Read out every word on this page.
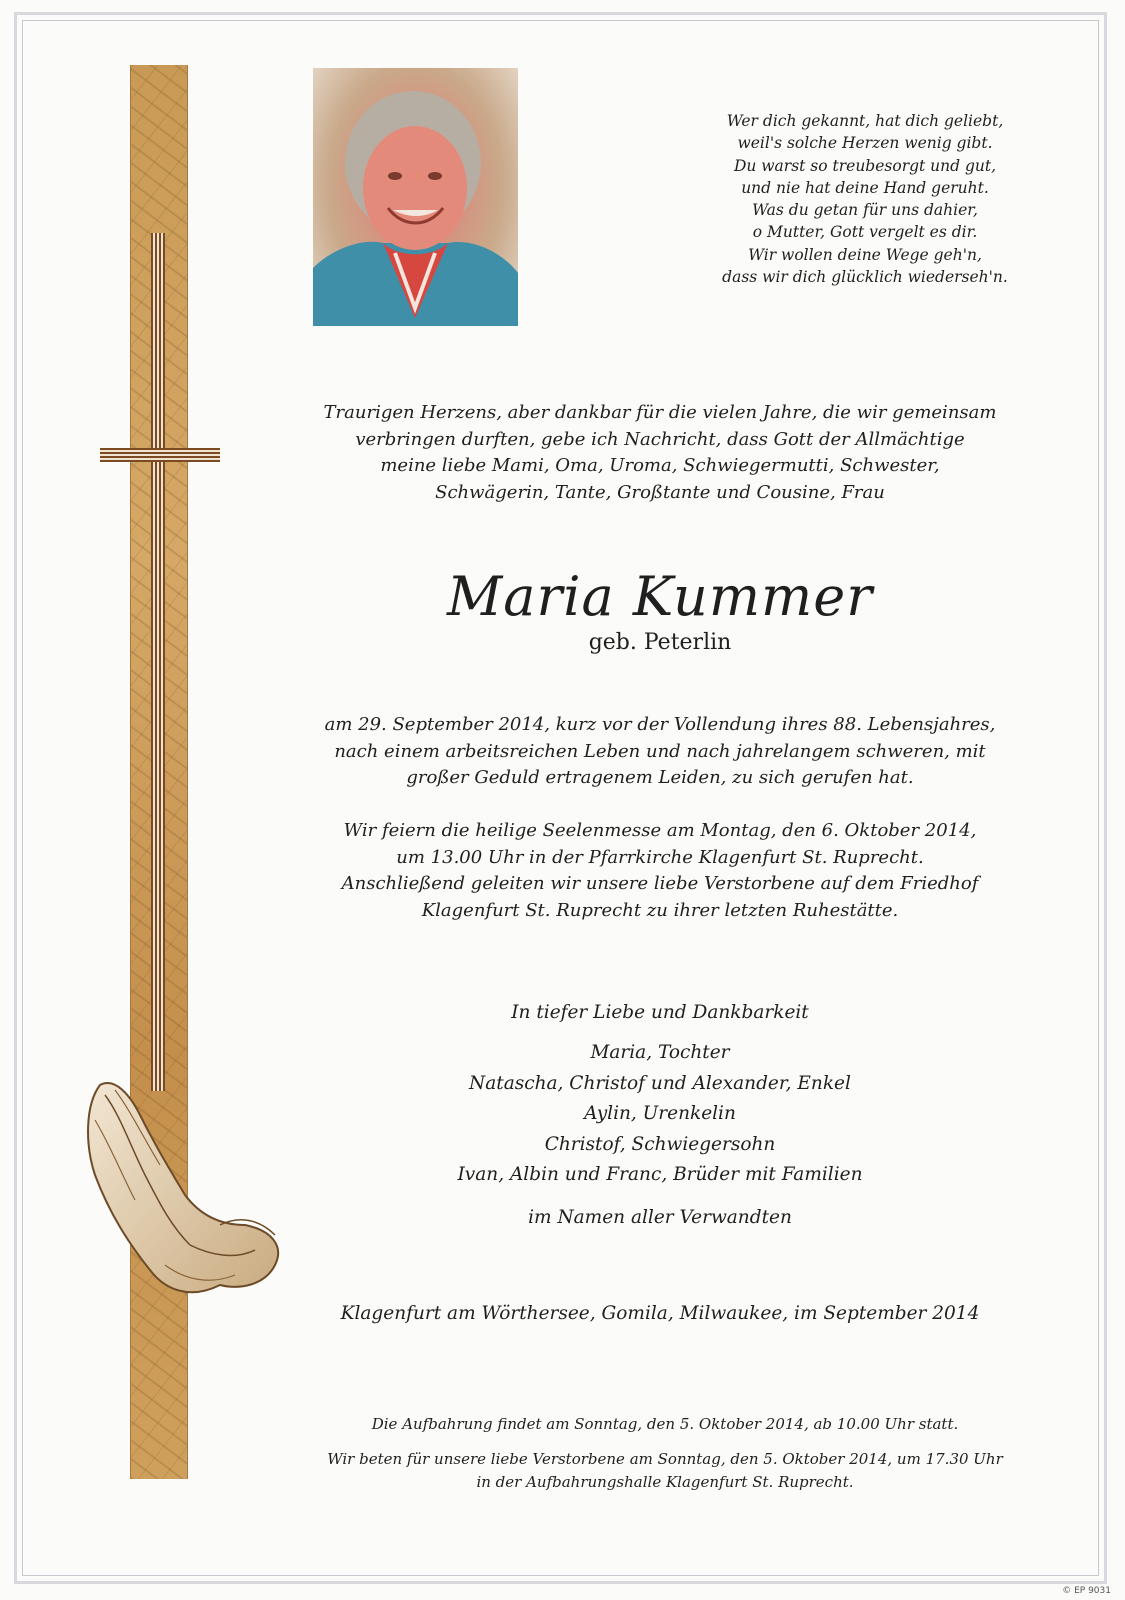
Wer dich gekannt, hat dich geliebt,
weil's solche Herzen wenig gibt.
Du warst so treubesorgt und gut,
und nie hat deine Hand geruht.
Was du getan für uns dahier,
o Mutter, Gott vergelt es dir.
Wir wollen deine Wege geh'n,
dass wir dich glücklich wiederseh'n.
Traurigen Herzens, aber dankbar für die vielen Jahre, die wir gemeinsam
verbringen durften, gebe ich Nachricht, dass Gott der Allmächtige
meine liebe Mami, Oma, Uroma, Schwiegermutti, Schwester,
Schwägerin, Tante, Großtante und Cousine, Frau
Maria Kummer
geb. Peterlin
am 29. September 2014, kurz vor der Vollendung ihres 88. Lebensjahres,
nach einem arbeitsreichen Leben und nach jahrelangem schweren, mit
großer Geduld ertragenem Leiden, zu sich gerufen hat.
Wir feiern die heilige Seelenmesse am Montag, den 6. Oktober 2014,
um 13.00 Uhr in der Pfarrkirche Klagenfurt St. Ruprecht.
Anschließend geleiten wir unsere liebe Verstorbene auf dem Friedhof
Klagenfurt St. Ruprecht zu ihrer letzten Ruhestätte.
In tiefer Liebe und Dankbarkeit
Maria, Tochter
Natascha, Christof und Alexander, Enkel
Aylin, Urenkelin
Christof, Schwiegersohn
Ivan, Albin und Franc, Brüder mit Familien
im Namen aller Verwandten
Klagenfurt am Wörthersee, Gomila, Milwaukee, im September 2014
Die Aufbahrung findet am Sonntag, den 5. Oktober 2014, ab 10.00 Uhr statt.
Wir beten für unsere liebe Verstorbene am Sonntag, den 5. Oktober 2014, um 17.30 Uhr
in der Aufbahrungshalle Klagenfurt St. Ruprecht.
© EP 9031
